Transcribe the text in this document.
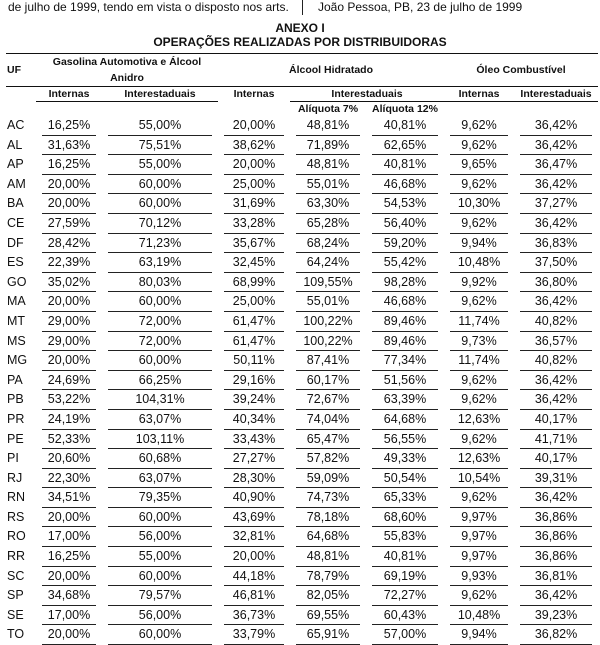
de julho de 1999, tendo em vista o disposto nos arts. João Pessoa, PB, 23 de julho de 1999
ANEXO I
OPERAÇÕES REALIZADAS POR DISTRIBUIDORAS
UF	Gasolina Automotiva e Álcool Anidro		Álcool Hidratado			Óleo Combustível	
	Internas	Interestaduais	Internas	Interestaduais		Internas	Interestaduais
				Alíquota 7%	Alíquota 12%		
AC	16,25%	55,00%	20,00%	48,81%	40,81%	9,62%	36,42%

AL	31,63%	75,51%	38,62%	71,89%	62,65%	9,62%	36,42%

AP	16,25%	55,00%	20,00%	48,81%	40,81%	9,65%	36,47%

AM	20,00%	60,00%	25,00%	55,01%	46,68%	9,62%	36,42%

BA	20,00%	60,00%	31,69%	63,30%	54,53%	10,30%	37,27%

CE	27,59%	70,12%	33,28%	65,28%	56,40%	9,62%	36,42%

DF	28,42%	71,23%	35,67%	68,24%	59,20%	9,94%	36,83%

ES	22,39%	63,19%	32,45%	64,24%	55,42%	10,48%	37,50%

GO	35,02%	80,03%	68,99%	109,55%	98,28%	9,92%	36,80%

MA	20,00%	60,00%	25,00%	55,01%	46,68%	9,62%	36,42%

MT	29,00%	72,00%	61,47%	100,22%	89,46%	11,74%	40,82%

MS	29,00%	72,00%	61,47%	100,22%	89,46%	9,73%	36,57%

MG	20,00%	60,00%	50,11%	87,41%	77,34%	11,74%	40,82%

PA	24,69%	66,25%	29,16%	60,17%	51,56%	9,62%	36,42%

PB	53,22%	104,31%	39,24%	72,67%	63,39%	9,62%	36,42%

PR	24,19%	63,07%	40,34%	74,04%	64,68%	12,63%	40,17%

PE	52,33%	103,11%	33,43%	65,47%	56,55%	9,62%	41,71%

PI	20,60%	60,68%	27,27%	57,82%	49,33%	12,63%	40,17%

RJ	22,30%	63,07%	28,30%	59,09%	50,54%	10,54%	39,31%

RN	34,51%	79,35%	40,90%	74,73%	65,33%	9,62%	36,42%

RS	20,00%	60,00%	43,69%	78,18%	68,60%	9,97%	36,86%

RO	17,00%	56,00%	32,81%	64,68%	55,83%	9,97%	36,86%

RR	16,25%	55,00%	20,00%	48,81%	40,81%	9,97%	36,86%

SC	20,00%	60,00%	44,18%	78,79%	69,19%	9,93%	36,81%

SP	34,68%	79,57%	46,81%	82,05%	72,27%	9,62%	36,42%

SE	17,00%	56,00%	36,73%	69,55%	60,43%	10,48%	39,23%

TO	20,00%	60,00%	33,79%	65,91%	57,00%	9,94%	36,82%
